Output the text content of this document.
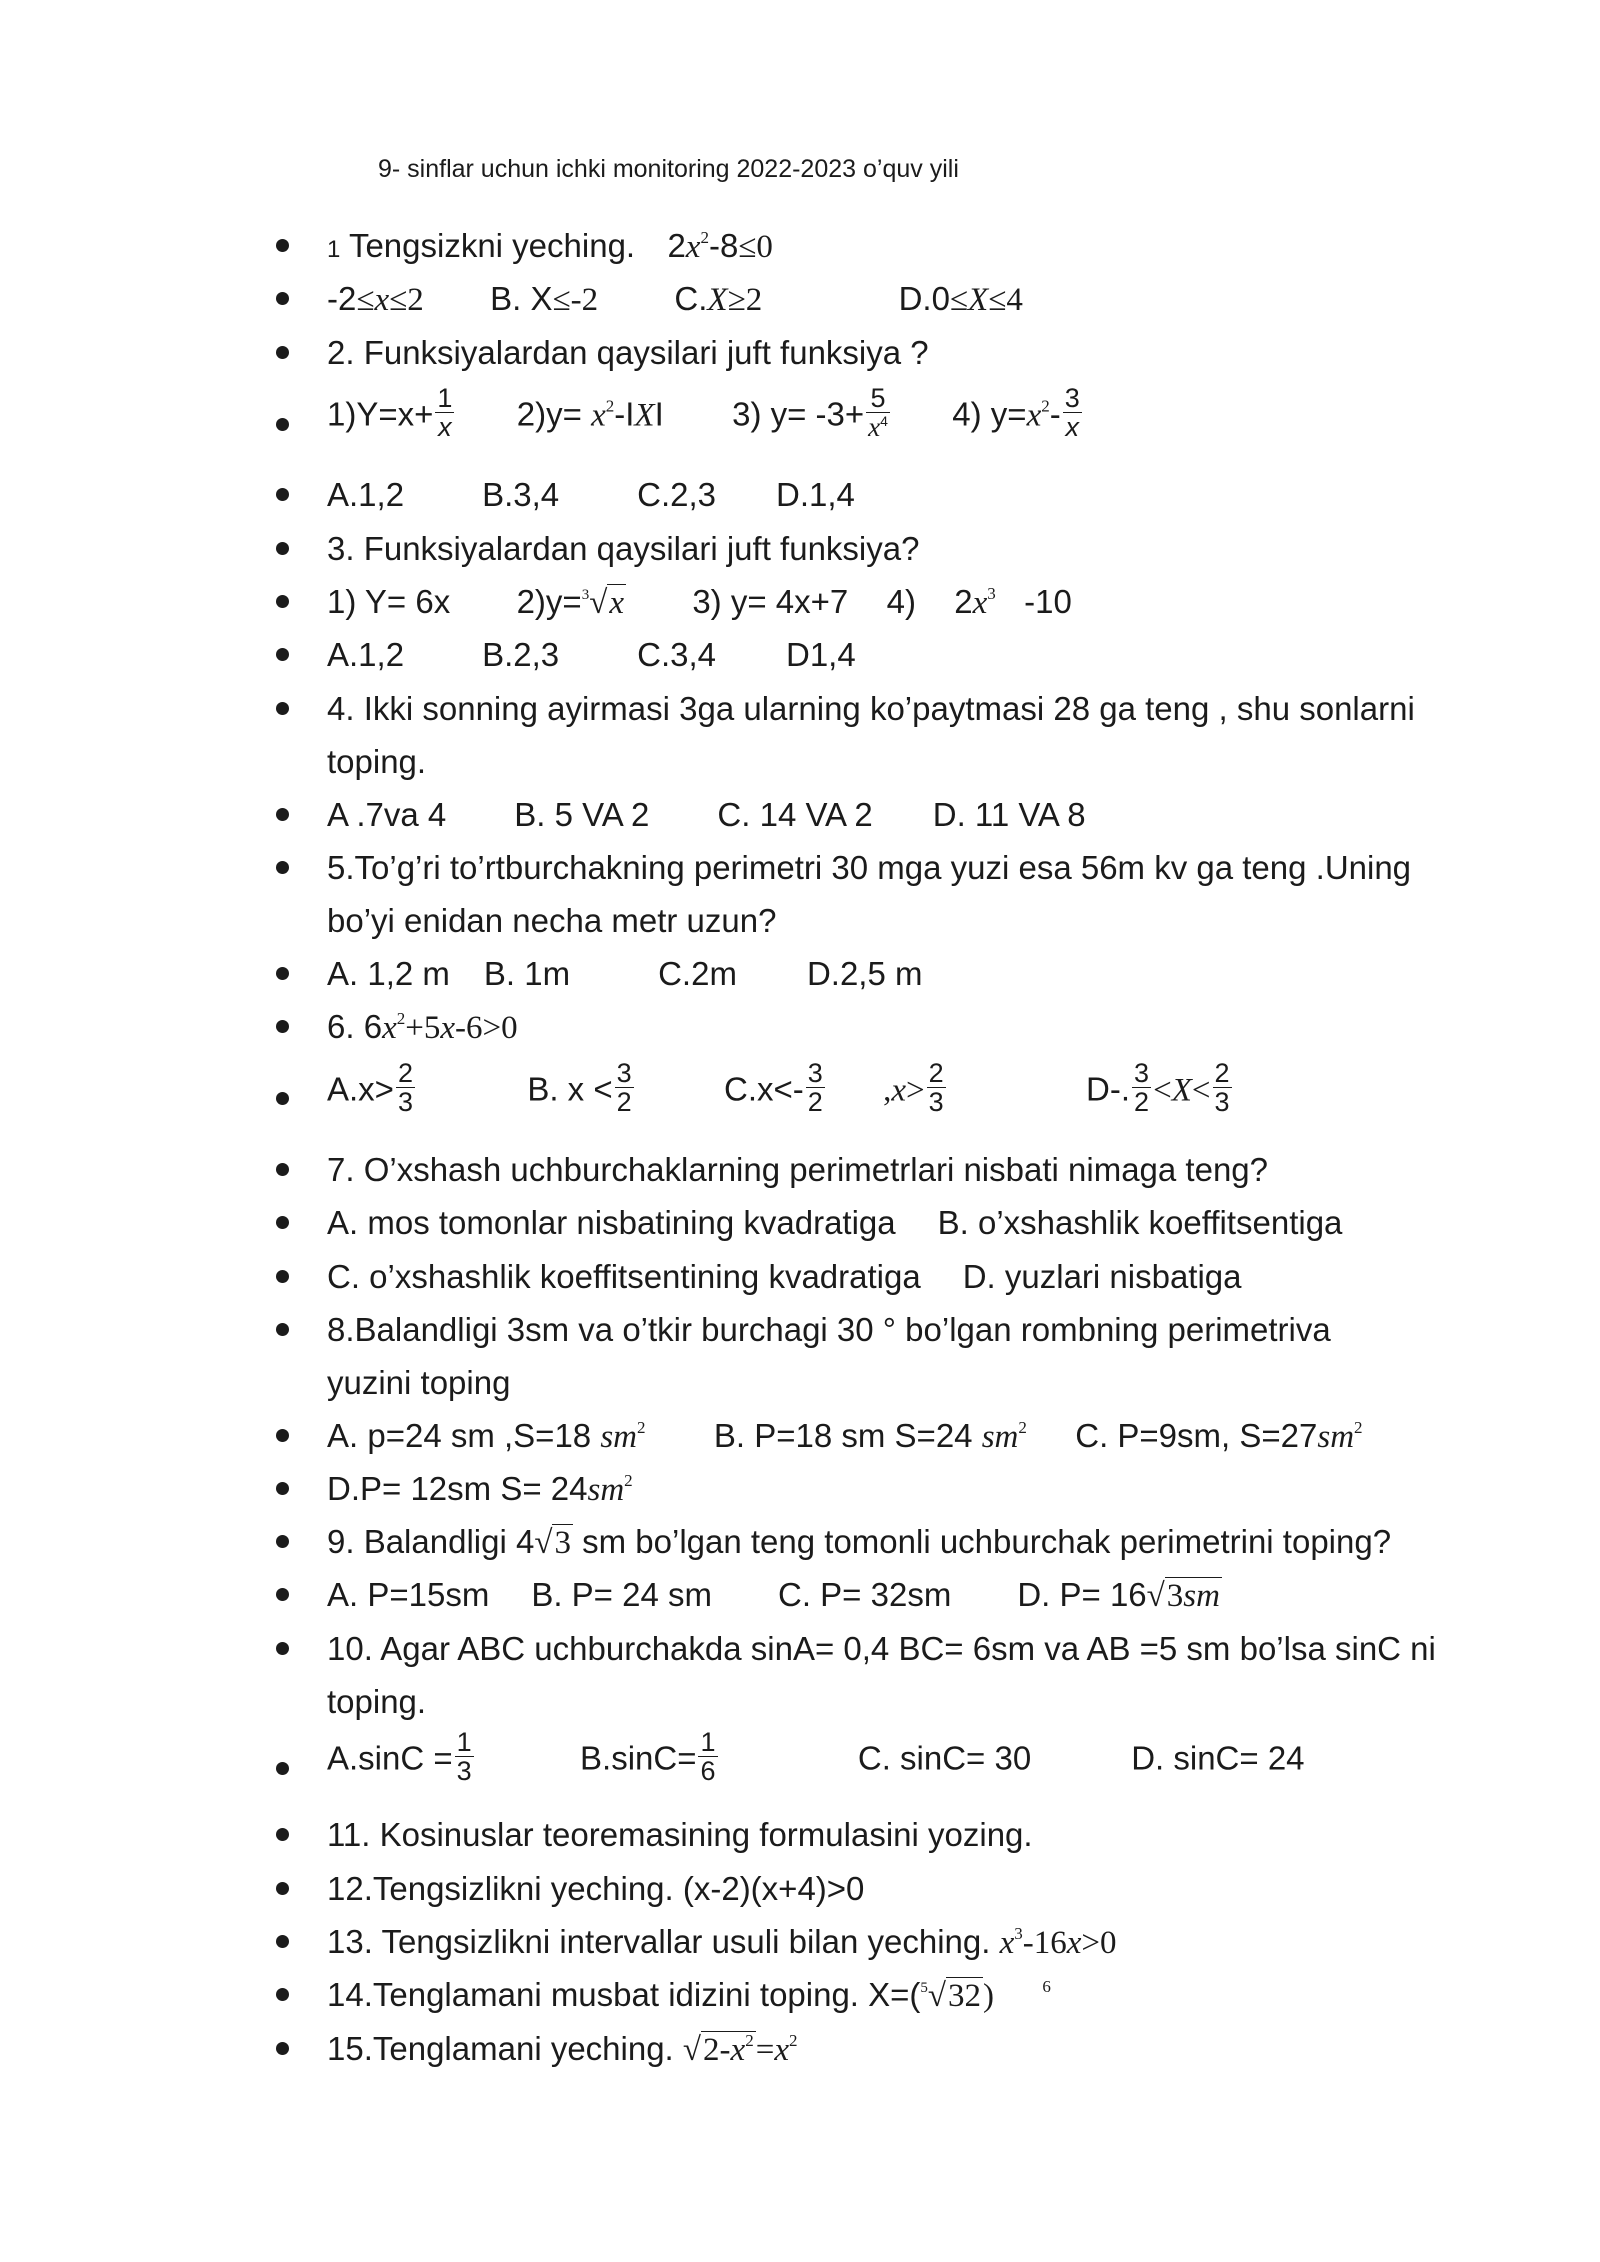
9- sinflar uchun ichki monitoring 2022-2023 o’quv yili
1 Tengsizkni yeching. $2x^2-8\le 0$
-2≤x≤2 B. X≤-2 C.X≥2	D.0≤X≤4
2. Funksiyalardan qaysilari juft funksiya ?
$1)Y=x+ \frac{1}{x} 2)y= x^2-IXI$ 3) $y= -3+ \frac{5}{x^4} 4$) $y=x^2- \frac{3}{x}$
A.1,2 B.3,4 C.2,3 D.1,4
3. Funksiyalardan qaysilari juft funksiya?
1) Y= 6x 2)y=$^3$√x 3) y= 4x+7 4) $2x^3$ -10
A.1,2 B.2,3 C.3,4 D1,4
4. Ikki sonning ayirmasi 3ga ularning ko’paytmasi 28 ga teng , shu sonlarni
toping.
A .7va 4 B. 5 VA 2 C. 14 VA 2 D. 11 VA 8
5.To’g’ri to’rtburchakning perimetri 30 mga yuzi esa 56m kv ga teng .Uning
bo’yi enidan necha metr uzun?
A. 1,2 m B. 1m	C.2m D.2,5 m
6. $6x^2+5x-6>0$
$A.x> \frac{2}{3}$	B. $x < \frac{3}{2}$	$C.x<- \frac{3}{2} ,x> \frac{2}{3}$	D-. $\frac{3}{2} <X< \frac{2}{3}$
7. O’xshash uchburchaklarning perimetrlari nisbati nimaga teng?
A. mos tomonlar nisbatining kvadratiga B. o’xshashlik koeffitsentiga
C. o’xshashlik koeffitsentining kvadratiga D. yuzlari nisbatiga
8.Balandligi 3sm va o’tkir burchagi 30 ° bo’lgan rombning perimetriva
yuzini toping
A. p=24 sm ,S=18 $sm^2$ B. P=18 sm S=24 $sm^2$ C. P=9sm, $S=27sm^2$
D.P= 12sm $S= 24sm^2$
9. Balandligi 4√3 sm bo’lgan teng tomonli uchburchak perimetrini toping?
A. P=15sm B. P= 24 sm C. P= 32sm D. P= 16√3sm
10. Agar ABC uchburchakda sinA= 0,4 BC= 6sm va AB =5 sm bo’lsa sinC ni
toping.
$A.\sin C = \frac{1}{3}$	$B.\sin C= \frac{1}{6}$	C. sinC= 30	D. sinC= 24
11. Kosinuslar teoremasining formulasini yozing.
12.Tengsizlikni yeching. (x-2)(x+4)>0
13. Tengsizlikni intervallar usuli bilan yeching. $x^3-16x>0$
14.Tenglamani musbat idizini toping. X=($^5$√32)	$^6$
15.Tenglamani yeching. $√2-x^2=x^2$
